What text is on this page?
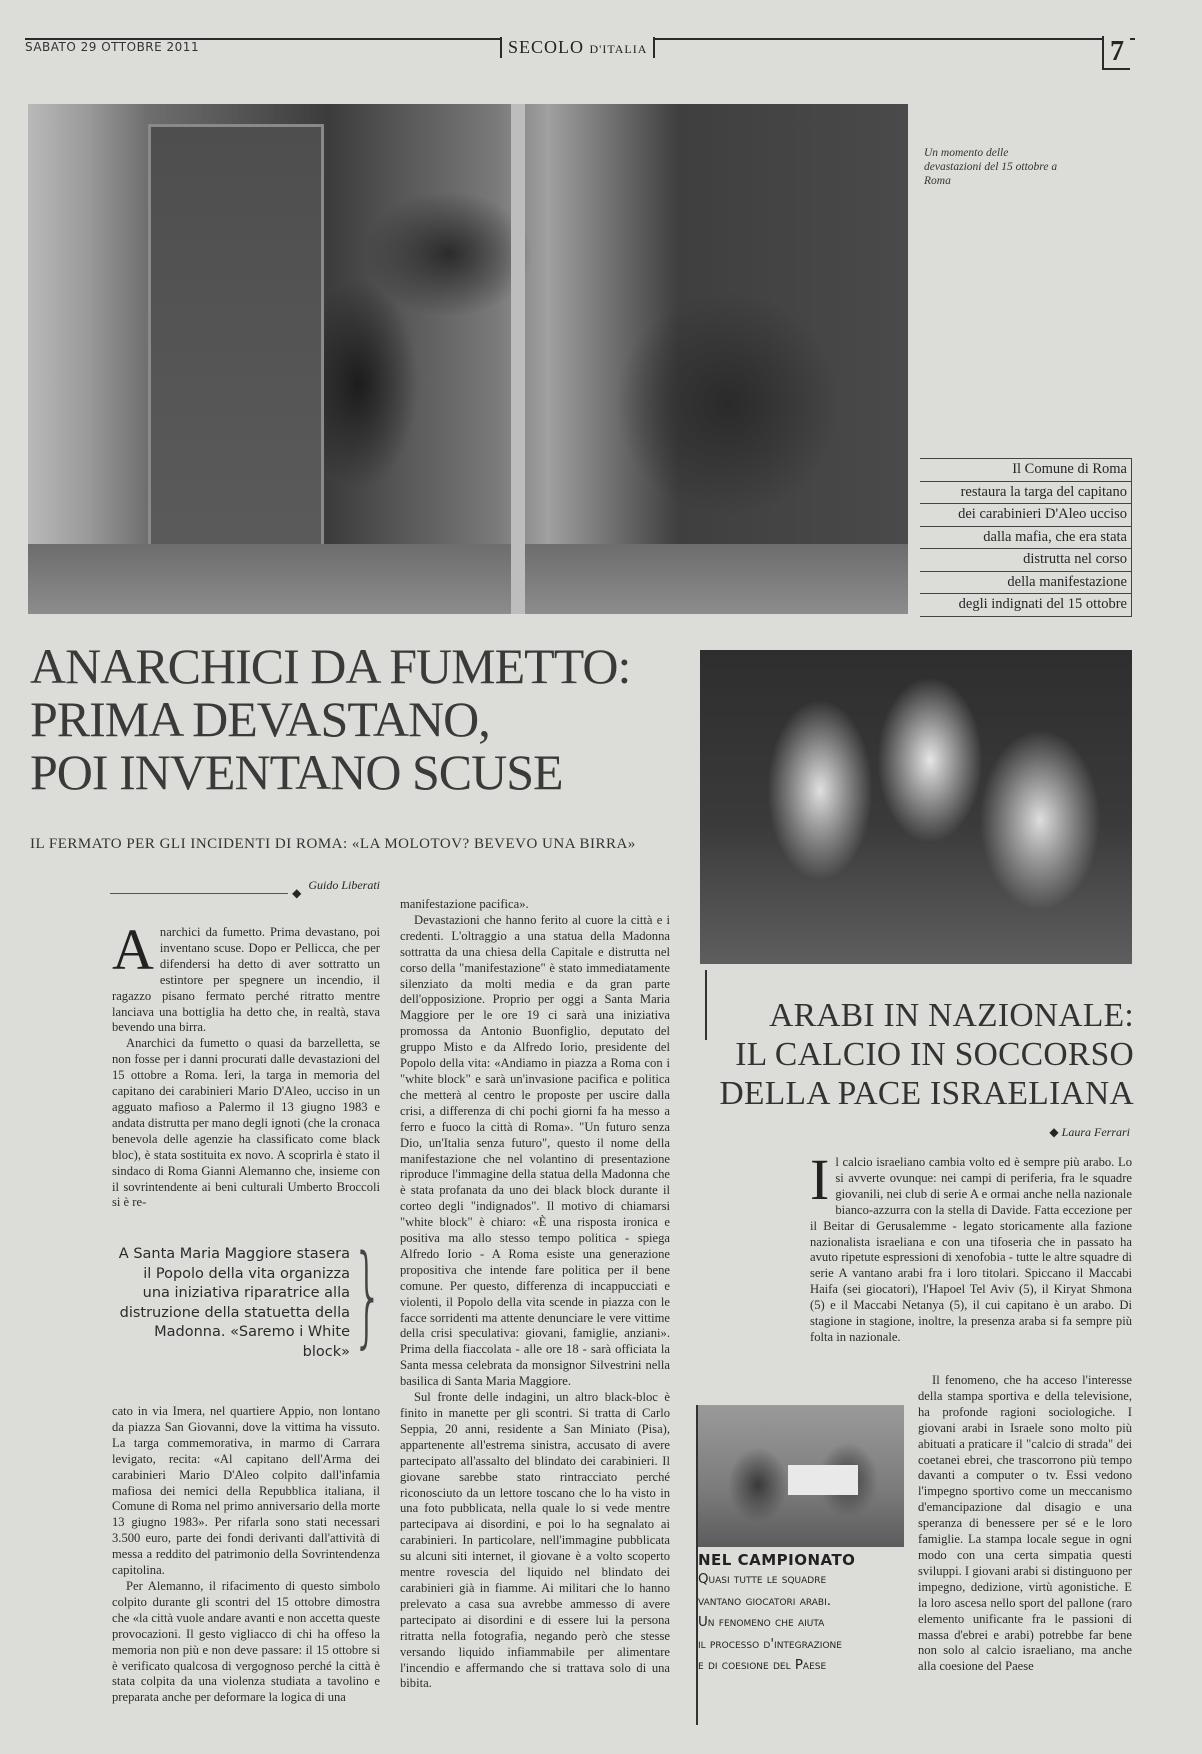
SABATO 29 OTTOBRE 2011	SECOLO D'ITALIA	7
Un momento delle devastazioni del 15 ottobre a Roma
Il Comune di Roma
restaura la targa del capitano
dei carabinieri D'Aleo ucciso
dalla mafia, che era stata
distrutta nel corso
della manifestazione
degli indignati del 15 ottobre
ANARCHICI DA FUMETTO:
PRIMA DEVASTANO,
POI INVENTANO SCUSE
IL FERMATO PER GLI INCIDENTI DI ROMA: «LA MOLOTOV? BEVEVO UNA BIRRA»
◆ Guido Liberati

Anarchici da fumetto. Prima devastano, poi inventano scuse. Dopo er Pellicca, che per difendersi ha detto di aver sottratto un estintore per spegnere un incendio, il ragazzo pisano fermato perché ritratto mentre lanciava una bottiglia ha detto che, in realtà, stava bevendo una birra.

Anarchici da fumetto o quasi da barzelletta, se non fosse per i danni procurati dalle devastazioni del 15 ottobre a Roma. Ieri, la targa in memoria del capitano dei carabinieri Mario D'Aleo, ucciso in un agguato mafioso a Palermo il 13 giugno 1983 e andata distrutta per mano degli ignoti (che la cronaca benevola delle agenzie ha classificato come black bloc), è stata sostituita ex novo. A scoprirla è stato il sindaco di Roma Gianni Alemanno che, insieme con il sovrintendente ai beni culturali Umberto Broccoli si è re-

A Santa Maria Maggiore stasera il Popolo della vita organizza una iniziativa riparatrice alla distruzione della statuetta della Madonna. «Saremo i White block» }

cato in via Imera, nel quartiere Appio, non lontano da piazza San Giovanni, dove la vittima ha vissuto. La targa commemorativa, in marmo di Carrara levigato, recita: «Al capitano dell'Arma dei carabinieri Mario D'Aleo colpito dall'infamia mafiosa dei nemici della Repubblica italiana, il Comune di Roma nel primo anniversario della morte 13 giugno 1983». Per rifarla sono stati necessari 3.500 euro, parte dei fondi derivanti dall'attività di messa a reddito del patrimonio della Sovrintendenza capitolina.

Per Alemanno, il rifacimento di questo simbolo colpito durante gli scontri del 15 ottobre dimostra che «la città vuole andare avanti e non accetta queste provocazioni. Il gesto vigliacco di chi ha offeso la memoria non più e non deve passare: il 15 ottobre si è verificato qualcosa di vergognoso perché la città è stata colpita da una violenza studiata a tavolino e preparata anche per deformare la logica di una

manifestazione pacifica».

Devastazioni che hanno ferito al cuore la città e i credenti. L'oltraggio a una statua della Madonna sottratta da una chiesa della Capitale e distrutta nel corso della "manifestazione" è stato immediatamente silenziato da molti media e da gran parte dell'opposizione. Proprio per oggi a Santa Maria Maggiore per le ore 19 ci sarà una iniziativa promossa da Antonio Buonfiglio, deputato del gruppo Misto e da Alfredo Iorio, presidente del Popolo della vita: «Andiamo in piazza a Roma con i "white block" e sarà un'invasione pacifica e politica che metterà al centro le proposte per uscire dalla crisi, a differenza di chi pochi giorni fa ha messo a ferro e fuoco la città di Roma». "Un futuro senza Dio, un'Italia senza futuro", questo il nome della manifestazione che nel volantino di presentazione riproduce l'immagine della statua della Madonna che è stata profanata da uno dei black block durante il corteo degli "indignados". Il motivo di chiamarsi "white block" è chiaro: «È una risposta ironica e positiva ma allo stesso tempo politica - spiega Alfredo Iorio - A Roma esiste una generazione propositiva che intende fare politica per il bene comune. Per questo, differenza di incappucciati e violenti, il Popolo della vita scende in piazza con le facce sorridenti ma attente denunciare le vere vittime della crisi speculativa: giovani, famiglie, anziani». Prima della fiaccolata - alle ore 18 - sarà officiata la Santa messa celebrata da monsignor Silvestrini nella basilica di Santa Maria Maggiore.

Sul fronte delle indagini, un altro black-bloc è finito in manette per gli scontri. Si tratta di Carlo Seppia, 20 anni, residente a San Miniato (Pisa), appartenente all'estrema sinistra, accusato di avere partecipato all'assalto del blindato dei carabinieri. Il giovane sarebbe stato rintracciato perché riconosciuto da un lettore toscano che lo ha visto in una foto pubblicata, nella quale lo si vede mentre partecipava ai disordini, e poi lo ha segnalato ai carabinieri. In particolare, nell'immagine pubblicata su alcuni siti internet, il giovane è a volto scoperto mentre rovescia del liquido nel blindato dei carabinieri già in fiamme. Ai militari che lo hanno prelevato a casa sua avrebbe ammesso di avere partecipato ai disordini e di essere lui la persona ritratta nella fotografia, negando però che stesse versando liquido infiammabile per alimentare l'incendio e affermando che si trattava solo di una bibita.

ARABI IN NAZIONALE:
IL CALCIO IN SOCCORSO
DELLA PACE ISRAELIANA
◆ Laura Ferrari

Il calcio israeliano cambia volto ed è sempre più arabo. Lo si avverte ovunque: nei campi di periferia, fra le squadre giovanili, nei club di serie A e ormai anche nella nazionale bianco-azzurra con la stella di Davide. Fatta eccezione per il Beitar di Gerusalemme - legato storicamente alla fazione nazionalista israeliana e con una tifoseria che in passato ha avuto ripetute espressioni di xenofobia - tutte le altre squadre di serie A vantano arabi fra i loro titolari. Spiccano il Maccabi Haifa (sei giocatori), l'Hapoel Tel Aviv (5), il Kiryat Shmona (5) e il Maccabi Netanya (5), il cui capitano è un arabo. Di stagione in stagione, inoltre, la presenza araba si fa sempre più folta in nazionale.

Il fenomeno, che ha acceso l'interesse della stampa sportiva e della televisione, ha profonde ragioni sociologiche. I giovani arabi in Israele sono molto più abituati a praticare il "calcio di strada" dei coetanei ebrei, che trascorrono più tempo davanti a computer o tv. Essi vedono l'impegno sportivo come un meccanismo d'emancipazione dal disagio e una speranza di benessere per sé e le loro famiglie. La stampa locale segue in ogni modo con una certa simpatia questi sviluppi. I giovani arabi si distinguono per impegno, dedizione, virtù agonistiche. E la loro ascesa nello sport del pallone (raro elemento unificante fra le passioni di massa d'ebrei e arabi) potrebbe far bene non solo al calcio israeliano, ma anche alla coesione del Paese

NEL CAMPIONATO
Quasi tutte le squadre
vantano giocatori arabi.
Un fenomeno che aiuta
il processo d'integrazione
e di coesione del Paese
